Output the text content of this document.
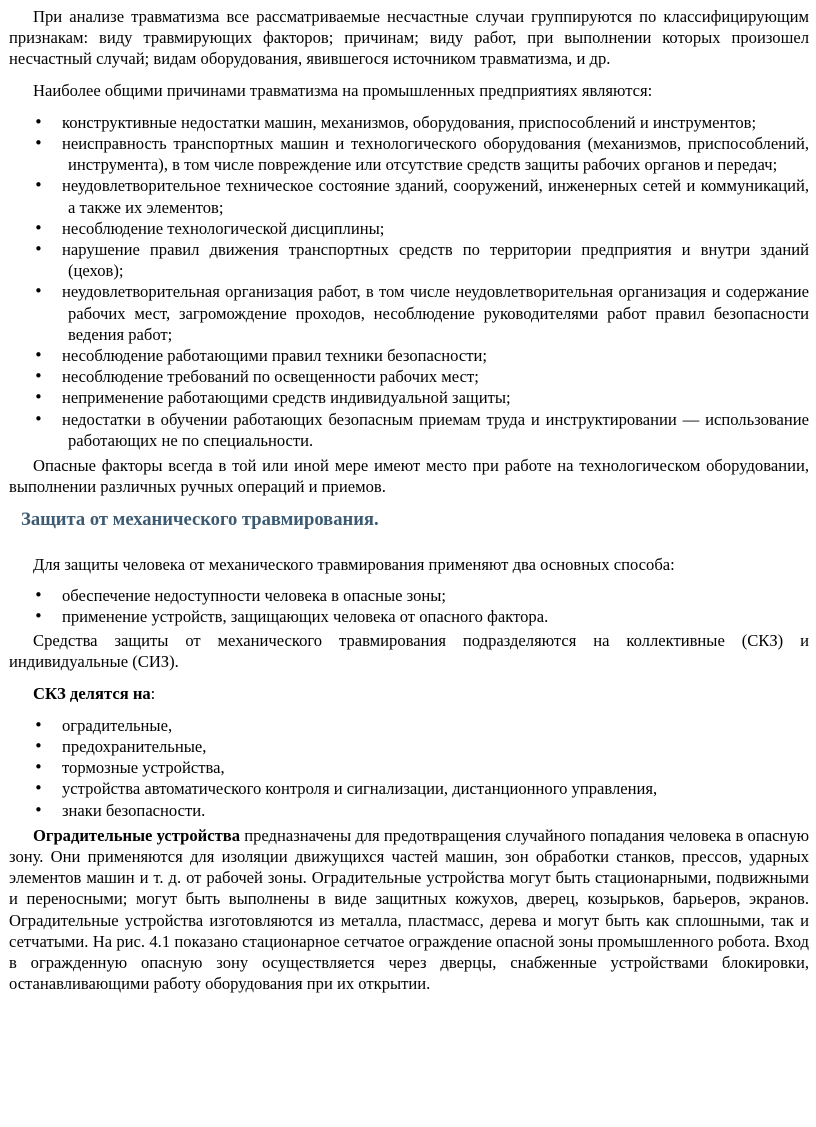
При анализе травматизма все рассматриваемые несчастные случаи группируются по классифицирующим признакам: виду травмирующих факторов; причинам; виду работ, при выполнении которых произошел несчастный случай; видам оборудования, явившегося источником травматизма, и др.

Наиболее общими причинами травматизма на промышленных предприятиях являются:

• конструктивные недостатки машин, механизмов, оборудования, приспособлений и инструментов;
• неисправность транспортных машин и технологического оборудования (механизмов, приспособлений, инструмента), в том числе повреждение или отсутствие средств защиты рабочих органов и передач;
• неудовлетворительное техническое состояние зданий, сооружений, инженерных сетей и коммуникаций, а также их элементов;
• несоблюдение технологической дисциплины;
• нарушение правил движения транспортных средств по территории предприятия и внутри зданий (цехов);
• неудовлетворительная организация работ, в том числе неудовлетворительная организация и содержание рабочих мест, загромождение проходов, несоблюдение руководителями работ правил безопасности ведения работ;
• несоблюдение работающими правил техники безопасности;
• несоблюдение требований по освещенности рабочих мест;
• неприменение работающими средств индивидуальной защиты;
• недостатки в обучении работающих безопасным приемам труда и инструктировании — использование работающих не по специальности.

Опасные факторы всегда в той или иной мере имеют место при работе на технологическом оборудовании, выполнении различных ручных операций и приемов.

Защита от механического травмирования.

Для защиты человека от механического травмирования применяют два основных способа:

• обеспечение недоступности человека в опасные зоны;
• применение устройств, защищающих человека от опасного фактора.

Средства защиты от механического травмирования подразделяются на коллективные (СКЗ) и индивидуальные (СИЗ).

СКЗ делятся на:

• оградительные,
• предохранительные,
• тормозные устройства,
• устройства автоматического контроля и сигнализации, дистанционного управления,
• знаки безопасности.

Оградительные устройства предназначены для предотвращения случайного попадания человека в опасную зону. Они применяются для изоляции движущихся частей машин, зон обработки станков, прессов, ударных элементов машин и т. д. от рабочей зоны. Оградительные устройства могут быть стационарными, подвижными и переносными; могут быть выполнены в виде защитных кожухов, дверец, козырьков, барьеров, экранов. Оградительные устройства изготовляются из металла, пластмасс, дерева и могут быть как сплошными, так и сетчатыми. На рис. 4.1 показано стационарное сетчатое ограждение опасной зоны промышленного робота. Вход в огражденную опасную зону осуществляется через дверцы, снабженные устройствами блокировки, останавливающими работу оборудования при их открытии.
